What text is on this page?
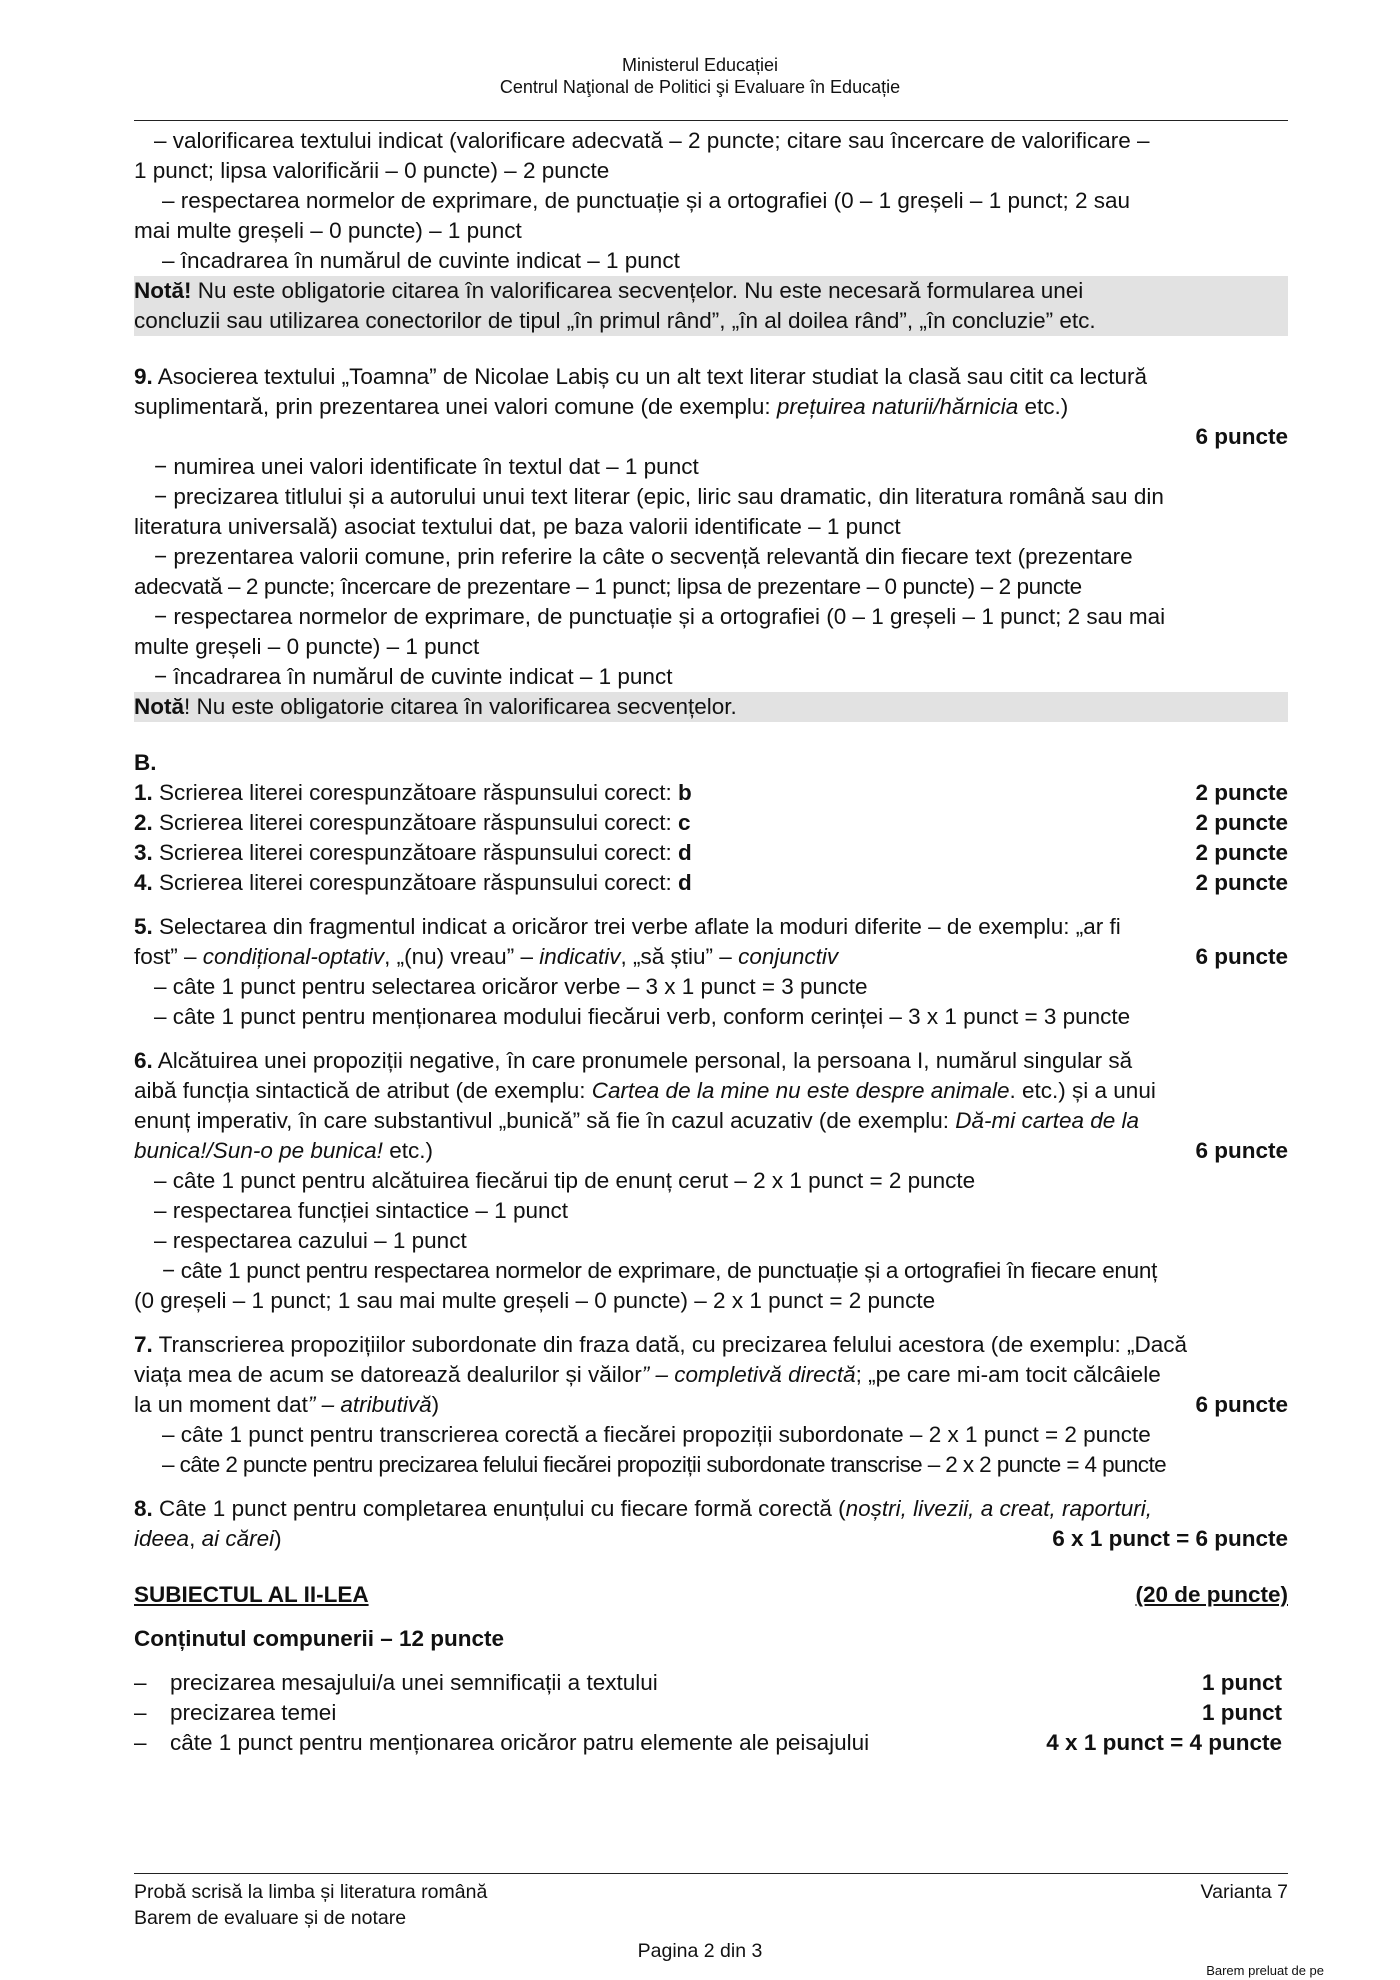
Ministerul Educației
Centrul Naţional de Politici şi Evaluare în Educație
– valorificarea textului indicat (valorificare adecvată – 2 puncte; citare sau încercare de valorificare –
1 punct; lipsa valorificării – 0 puncte) – 2 puncte
– respectarea normelor de exprimare, de punctuație și a ortografiei (0 – 1 greșeli – 1 punct; 2 sau
mai multe greșeli – 0 puncte) – 1 punct
– încadrarea în numărul de cuvinte indicat – 1 punct
Notă! Nu este obligatorie citarea în valorificarea secvențelor. Nu este necesară formularea unei
concluzii sau utilizarea conectorilor de tipul „în primul rând”, „în al doilea rând”, „în concluzie” etc.
9. Asocierea textului „Toamna” de Nicolae Labiș cu un alt text literar studiat la clasă sau citit ca lectură
suplimentară, prin prezentarea unei valori comune (de exemplu: prețuirea naturii/hărnicia etc.)
6 puncte
− numirea unei valori identificate în textul dat – 1 punct
− precizarea titlului și a autorului unui text literar (epic, liric sau dramatic, din literatura română sau din
literatura universală) asociat textului dat, pe baza valorii identificate – 1 punct
− prezentarea valorii comune, prin referire la câte o secvență relevantă din fiecare text (prezentare
adecvată – 2 puncte; încercare de prezentare – 1 punct; lipsa de prezentare – 0 puncte) – 2 puncte
− respectarea normelor de exprimare, de punctuație și a ortografiei (0 – 1 greșeli – 1 punct; 2 sau mai
multe greșeli – 0 puncte) – 1 punct
− încadrarea în numărul de cuvinte indicat – 1 punct
Notă! Nu este obligatorie citarea în valorificarea secvențelor.
B.
1. Scrierea literei corespunzătoare răspunsului corect: b	2 puncte
2. Scrierea literei corespunzătoare răspunsului corect: c	2 puncte
3. Scrierea literei corespunzătoare răspunsului corect: d	2 puncte
4. Scrierea literei corespunzătoare răspunsului corect: d	2 puncte
5. Selectarea din fragmentul indicat a oricăror trei verbe aflate la moduri diferite – de exemplu: „ar fi
fost” – condițional-optativ, „(nu) vreau” – indicativ, „să știu” – conjunctiv	6 puncte
– câte 1 punct pentru selectarea oricăror verbe – 3 x 1 punct = 3 puncte
– câte 1 punct pentru menționarea modului fiecărui verb, conform cerinței – 3 x 1 punct = 3 puncte
6. Alcătuirea unei propoziții negative, în care pronumele personal, la persoana I, numărul singular să
aibă funcția sintactică de atribut (de exemplu: Cartea de la mine nu este despre animale. etc.) și a unui
enunț imperativ, în care substantivul „bunică” să fie în cazul acuzativ (de exemplu: Dă-mi cartea de la
bunica!/Sun-o pe bunica! etc.)	6 puncte
– câte 1 punct pentru alcătuirea fiecărui tip de enunț cerut – 2 x 1 punct = 2 puncte
– respectarea funcției sintactice – 1 punct
– respectarea cazului – 1 punct
− câte 1 punct pentru respectarea normelor de exprimare, de punctuație și a ortografiei în fiecare enunț
(0 greșeli – 1 punct; 1 sau mai multe greșeli – 0 puncte) – 2 x 1 punct = 2 puncte
7. Transcrierea propozițiilor subordonate din fraza dată, cu precizarea felului acestora (de exemplu: „Dacă
viața mea de acum se datorează dealurilor și văilor” – completivă directă; „pe care mi-am tocit călcâiele
la un moment dat” – atributivă)	6 puncte
– câte 1 punct pentru transcrierea corectă a fiecărei propoziții subordonate – 2 x 1 punct = 2 puncte
– câte 2 puncte pentru precizarea felului fiecărei propoziții subordonate transcrise – 2 x 2 puncte = 4 puncte
8. Câte 1 punct pentru completarea enunțului cu fiecare formă corectă (noștri, livezii, a creat, raporturi,
ideea, ai cărei)	6 x 1 punct = 6 puncte
SUBIECTUL AL II-LEA	(20 de puncte)
Conținutul compunerii – 12 puncte
– precizarea mesajului/a unei semnificații a textului	1 punct
– precizarea temei	1 punct
– câte 1 punct pentru menționarea oricăror patru elemente ale peisajului	4 x 1 punct = 4 puncte
Probă scrisă la limba și literatura română
Barem de evaluare și de notare
Varianta 7
Pagina 2 din 3
Barem preluat de pe
